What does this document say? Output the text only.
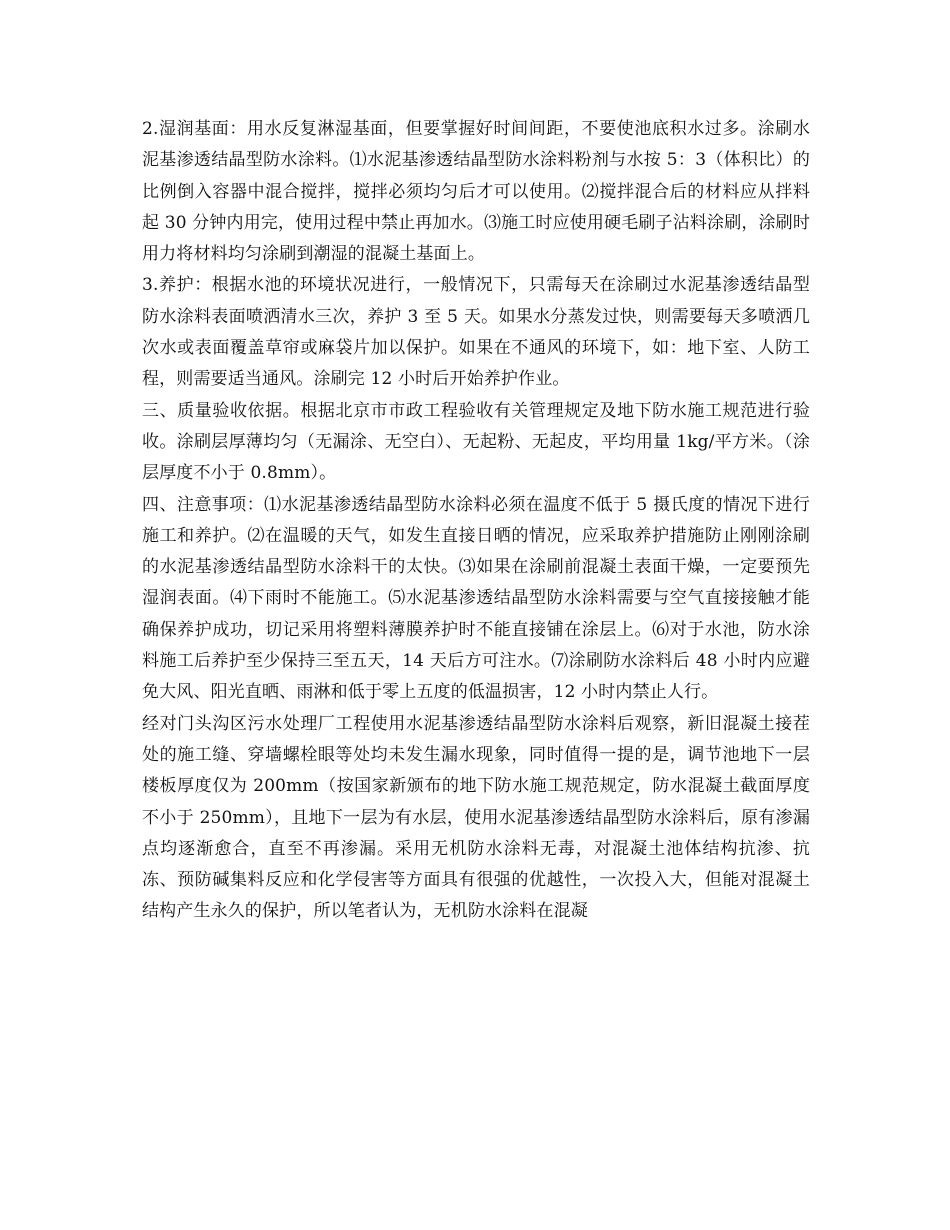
2.湿润基面：用水反复淋湿基面，但要掌握好时间间距，不要使池底积水过多。涂刷水泥基渗透结晶型防水涂料。⑴水泥基渗透结晶型防水涂料粉剂与水按 5：3（体积比）的比例倒入容器中混合搅拌，搅拌必须均匀后才可以使用。⑵搅拌混合后的材料应从拌料起 30 分钟内用完，使用过程中禁止再加水。⑶施工时应使用硬毛刷子沾料涂刷，涂刷时用力将材料均匀涂刷到潮湿的混凝土基面上。

3.养护：根据水池的环境状况进行，一般情况下，只需每天在涂刷过水泥基渗透结晶型防水涂料表面喷洒清水三次，养护 3 至 5 天。如果水分蒸发过快，则需要每天多喷洒几次水或表面覆盖草帘或麻袋片加以保护。如果在不通风的环境下，如：地下室、人防工程，则需要适当通风。涂刷完 12 小时后开始养护作业。

三、质量验收依据。根据北京市市政工程验收有关管理规定及地下防水施工规范进行验收。涂刷层厚薄均匀（无漏涂、无空白）、无起粉、无起皮，平均用量 1kg/平方米。（涂层厚度不小于 0.8mm）。

四、注意事项：⑴水泥基渗透结晶型防水涂料必须在温度不低于 5 摄氏度的情况下进行施工和养护。⑵在温暖的天气，如发生直接日晒的情况，应采取养护措施防止刚刚涂刷的水泥基渗透结晶型防水涂料干的太快。⑶如果在涂刷前混凝土表面干燥，一定要预先湿润表面。⑷下雨时不能施工。⑸水泥基渗透结晶型防水涂料需要与空气直接接触才能确保养护成功，切记采用将塑料薄膜养护时不能直接铺在涂层上。⑹对于水池，防水涂料施工后养护至少保持三至五天，14 天后方可注水。⑺涂刷防水涂料后 48 小时内应避免大风、阳光直晒、雨淋和低于零上五度的低温损害，12 小时内禁止人行。

经对门头沟区污水处理厂工程使用水泥基渗透结晶型防水涂料后观察，新旧混凝土接茬处的施工缝、穿墙螺栓眼等处均未发生漏水现象，同时值得一提的是，调节池地下一层楼板厚度仅为 200mm（按国家新颁布的地下防水施工规范规定，防水混凝土截面厚度不小于 250mm），且地下一层为有水层，使用水泥基渗透结晶型防水涂料后，原有渗漏点均逐渐愈合，直至不再渗漏。采用无机防水涂料无毒，对混凝土池体结构抗渗、抗冻、预防碱集料反应和化学侵害等方面具有很强的优越性，一次投入大，但能对混凝土结构产生永久的保护，所以笔者认为，无机防水涂料在混凝
